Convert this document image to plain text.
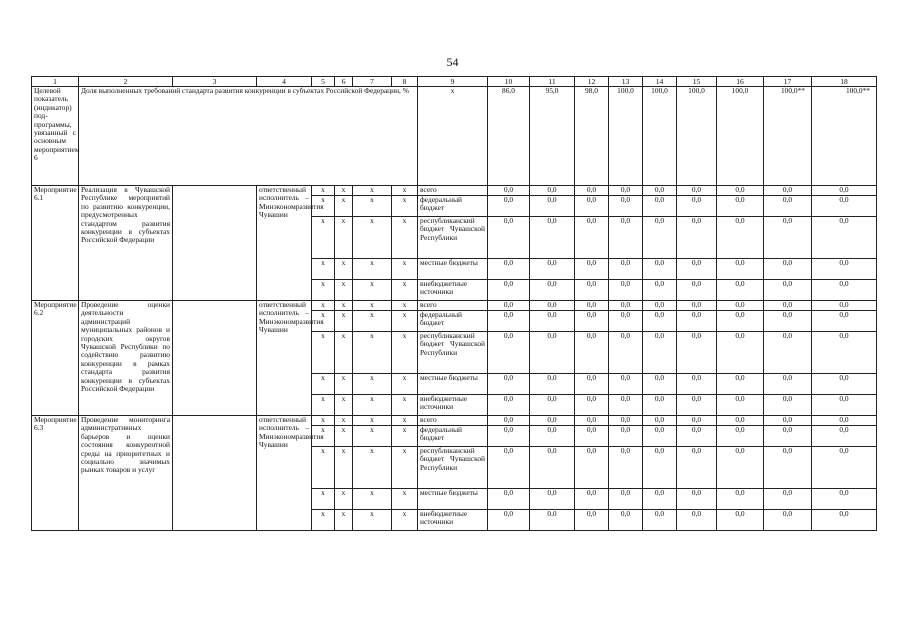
54
1	2	3	4	5	6	7	8	9	10	11	12	13	14	15	16	17	18
Целевой показатель (индикатор) подпрограммы, увязанный с основным мероприятием 6	Доля выполненных требований стандарта развития конкуренции в субъектах Российской Федерации, %							х	86,0	95,0	98,0	100,0	100,0	100,0	100,0	100,0**	100,0**
Мероприятие 6.1	Реализация в Чувашской Республике мероприятий по развитию конкуренции, предусмотренных стандартом развития конкуренции в субъектах Российской Федерации		ответственный исполнитель – Минэкономразвития Чувашии	х	х	х	х	всего	0,0	0,0	0,0	0,0	0,0	0,0	0,0	0,0	0,0
				х	х	х	х	федеральный бюджет	0,0	0,0	0,0	0,0	0,0	0,0	0,0	0,0	0,0
				х	х	х	х	республиканский бюджет Чувашской Республики	0,0	0,0	0,0	0,0	0,0	0,0	0,0	0,0	0,0
				х	х	х	х	местные бюджеты	0,0	0,0	0,0	0,0	0,0	0,0	0,0	0,0	0,0
				х	х	х	х	внебюджетные источники	0,0	0,0	0,0	0,0	0,0	0,0	0,0	0,0	0,0
Мероприятие 6.2	Проведение оценки деятельности администраций муниципальных районов и городских округов Чувашской Республики по содействию развитию конкуренции в рамках стандарта развития конкуренции в субъектах Российской Федерации		ответственный исполнитель – Минэкономразвития Чувашии	х	х	х	х	всего	0,0	0,0	0,0	0,0	0,0	0,0	0,0	0,0	0,0
				х	х	х	х	федеральный бюджет	0,0	0,0	0,0	0,0	0,0	0,0	0,0	0,0	0,0
				х	х	х	х	республиканский бюджет Чувашской Республики	0,0	0,0	0,0	0,0	0,0	0,0	0,0	0,0	0,0
				х	х	х	х	местные бюджеты	0,0	0,0	0,0	0,0	0,0	0,0	0,0	0,0	0,0
				х	х	х	х	внебюджетные источники	0,0	0,0	0,0	0,0	0,0	0,0	0,0	0,0	0,0
Мероприятие 6.3	Проведение мониторинга административных барьеров и оценки состояния конкурентной среды на приоритетных и социально значимых рынках товаров и услуг		ответственный исполнитель – Минэкономразвития Чувашии	х	х	х	х	всего	0,0	0,0	0,0	0,0	0,0	0,0	0,0	0,0	0,0
				х	х	х	х	федеральный бюджет	0,0	0,0	0,0	0,0	0,0	0,0	0,0	0,0	0,0
				х	х	х	х	республиканский бюджет Чувашской Республики	0,0	0,0	0,0	0,0	0,0	0,0	0,0	0,0	0,0
				х	х	х	х	местные бюджеты	0,0	0,0	0,0	0,0	0,0	0,0	0,0	0,0	0,0
				х	х	х	х	внебюджетные источники	0,0	0,0	0,0	0,0	0,0	0,0	0,0	0,0	0,0
